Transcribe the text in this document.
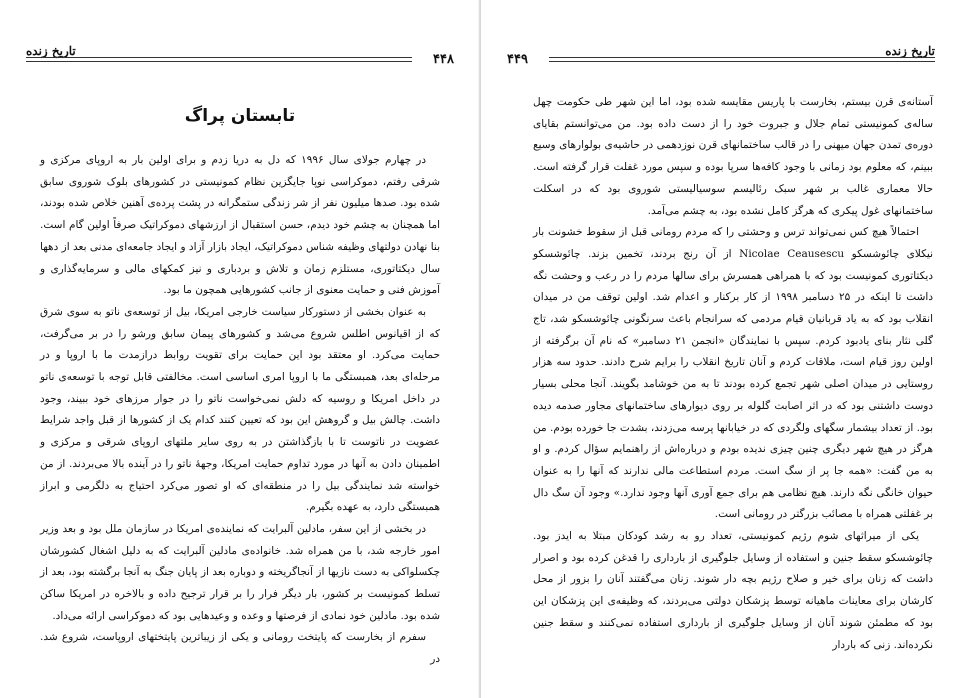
تاریخ زنده
۴۴۸
تابستان پراگ

در چهارم جولای سال ۱۹۹۶ که دل به دریا زدم و برای اولین بار به اروپای مرکزی و شرقی رفتم، دموکراسی نوپا جایگزین نظام کمونیستی در کشورهای بلوک شوروی سابق شده بود. صدها میلیون نفر از شر زندگی ستمگرانه در پشت پرده‌ی آهنین خلاص شده بودند، اما همچنان به چشم خود دیدم، حسن استقبال از ارزشهای دموکراتیک صرفاً اولین گام است. بنا نهادن دولتهای وظیفه شناس دموکراتیک، ایجاد بازار آزاد و ایجاد جامعه‌ای مدنی بعد از دهها سال دیکتاتوری، مستلزم زمان و تلاش و بردباری و نیز کمکهای مالی و سرمایه‌گذاری و آموزش فنی و حمایت معنوی از جانب کشورهایی همچون ما بود.

به عنوان بخشی از دستورکار سیاست خارجی امریکا، بیل از توسعه‌ی ناتو به سوی شرق که از اقیانوس اطلس شروع می‌شد و کشورهای پیمان سابق ورشو را در بر می‌گرفت، حمایت می‌کرد. او معتقد بود این حمایت برای تقویت روابط درازمدت ما با اروپا و در مرحله‌ای بعد، همبستگی ما با اروپا امری اساسی است. مخالفتی قابل توجه با توسعه‌ی ناتو در داخل امریکا و روسیه که دلش نمی‌خواست ناتو را در جوار مرزهای خود ببیند، وجود داشت. چالش بیل و گروهش این بود که تعیین کنند کدام یک از کشورها از قبل واجد شرایط عضویت در ناتوست تا با بازگذاشتن در به روی سایر ملتهای اروپای شرقی و مرکزی و اطمینان دادن به آنها در مورد تداوم حمایت امریکا، وجههٔ ناتو را در آینده بالا می‌بردند. از من خواسته شد نمایندگی بیل را در منطقه‌ای که او تصور می‌کرد احتیاج به دلگرمی و ابراز همبستگی دارد، به عهده بگیرم.

در بخشی از این سفر، مادلین آلبرایت که نماینده‌ی امریکا در سازمان ملل بود و بعد وزیر امور خارجه شد، با من همراه شد. خانواده‌ی مادلین آلبرایت که به دلیل اشغال کشورشان چکسلواکی به دست نازیها از آنجاگریخته و دوباره بعد از پایان جنگ به آنجا برگشته بود، بعد از تسلط کمونیست بر کشور، بار دیگر فرار را بر قرار ترجیح داده و بالاخره در امریکا ساکن شده بود. مادلین خود نمادی از فرصتها و وعده و وعیدهایی بود که دموکراسی ارائه می‌داد.

سفرم از بخارست که پایتخت رومانی و یکی از زیباترین پایتختهای اروپاست، شروع شد. در

تاریخ زنده
۴۴۹

آستانه‌ی قرن بیستم، بخارست با پاریس مقایسه شده بود، اما این شهر طی حکومت چهل ساله‌ی کمونیستی تمام جلال و جبروت خود را از دست داده بود. من می‌توانستم بقایای دوره‌ی تمدن جهان میهنی را در قالب ساختمانهای قرن نوزدهمی در حاشیه‌ی بولوارهای وسیع ببینم، که معلوم بود زمانی با وجود کافه‌ها سرپا بوده و سپس مورد غفلت قرار گرفته است. حالا معماری غالب بر شهر سبک رئالیسم سوسیالیستی شوروی بود که در اسکلت ساختمانهای غول پیکری که هرگز کامل نشده بود، به چشم می‌آمد.

احتمالاً هیچ کس نمی‌تواند ترس و وحشتی را که مردم رومانی قبل از سقوط خشونت بار نیکلای چائوشسکو Nicolae Ceausescu از آن رنج بردند، تخمین بزند. چائوشسکو دیکتاتوری کمونیست بود که با همراهی همسرش برای سالها مردم را در رعب و وحشت نگه داشت تا اینکه در ۲۵ دسامبر ۱۹۹۸ از کار برکنار و اعدام شد. اولین توقف من در میدان انقلاب بود که به یاد قربانیان قیام مردمی که سرانجام باعث سرنگونی چائوشسکو شد، تاج گلی نثار بنای یادبود کردم. سپس با نمایندگان «انجمن ۲۱ دسامبر» که نام آن برگرفته از اولین روز قیام است، ملاقات کردم و آنان تاریخ انقلاب را برایم شرح دادند. حدود سه هزار روستایی در میدان اصلی شهر تجمع کرده بودند تا به من خوشامد بگویند. آنجا محلی بسیار دوست داشتنی بود که در اثر اصابت گلوله بر روی دیوارهای ساختمانهای مجاور صدمه دیده بود. از تعداد بیشمار سگهای ولگردی که در خیابانها پرسه می‌زدند، بشدت جا خورده بودم. من هرگز در هیچ شهر دیگری چنین چیزی ندیده بودم و درباره‌اش از راهنمایم سؤال کردم. و او به من گفت: «همه جا پر از سگ است. مردم استطاعت مالی ندارند که آنها را به عنوان حیوان خانگی نگه دارند. هیچ نظامی هم برای جمع آوری آنها وجود ندارد.» وجود آن سگ دال بر غفلتی همراه با مصائب بزرگتر در رومانی است.

یکی از میراثهای شوم رژیم کمونیستی، تعداد رو به رشد کودکان مبتلا به ایدز بود. چائوشسکو سقط جنین و استفاده از وسایل جلوگیری از بارداری را قدغن کرده بود و اصرار داشت که زنان برای خیر و صلاح رژیم بچه دار شوند. زنان می‌گفتند آنان را بزور از محل کارشان برای معاینات ماهیانه توسط پزشکان دولتی می‌بردند، که وظیفه‌ی این پزشکان این بود که مطمئن شوند آنان از وسایل جلوگیری از بارداری استفاده نمی‌کنند و سقط جنین نکرده‌اند. زنی که باردار
